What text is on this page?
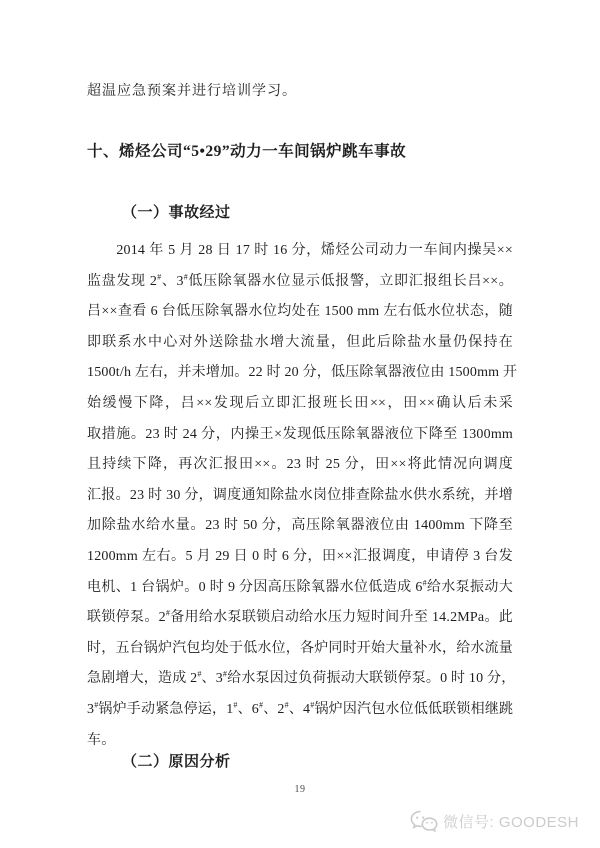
超温应急预案并进行培训学习。
十、烯烃公司“5•29”动力一车间锅炉跳车事故
（一）事故经过
　　2014 年 5 月 28 日 17 时 16 分，烯烃公司动力一车间内操吴××
监盘发现 2#、3#低压除氧器水位显示低报警，立即汇报组长吕××。
吕××查看 6 台低压除氧器水位均处在 1500 mm 左右低水位状态，随
即联系水中心对外送除盐水增大流量，但此后除盐水量仍保持在
1500t/h 左右，并未增加。22 时 20 分，低压除氧器液位由 1500mm 开
始缓慢下降，吕××发现后立即汇报班长田××，田××确认后未采
取措施。23 时 24 分，内操王×发现低压除氧器液位下降至 1300mm
且持续下降，再次汇报田××。23 时 25 分，田××将此情况向调度
汇报。23 时 30 分，调度通知除盐水岗位排查除盐水供水系统，并增
加除盐水给水量。23 时 50 分，高压除氧器液位由 1400mm 下降至
1200mm 左右。5 月 29 日 0 时 6 分，田××汇报调度，申请停 3 台发
电机、1 台锅炉。0 时 9 分因高压除氧器水位低造成 6#给水泵振动大
联锁停泵。2#备用给水泵联锁启动给水压力短时间升至 14.2MPa。此
时，五台锅炉汽包均处于低水位，各炉同时开始大量补水，给水流量
急剧增大，造成 2#、3#给水泵因过负荷振动大联锁停泵。0 时 10 分，
3#锅炉手动紧急停运，1#、6#、2#、4#锅炉因汽包水位低低联锁相继跳
车。
（二）原因分析
19
微信号: GOODESH
